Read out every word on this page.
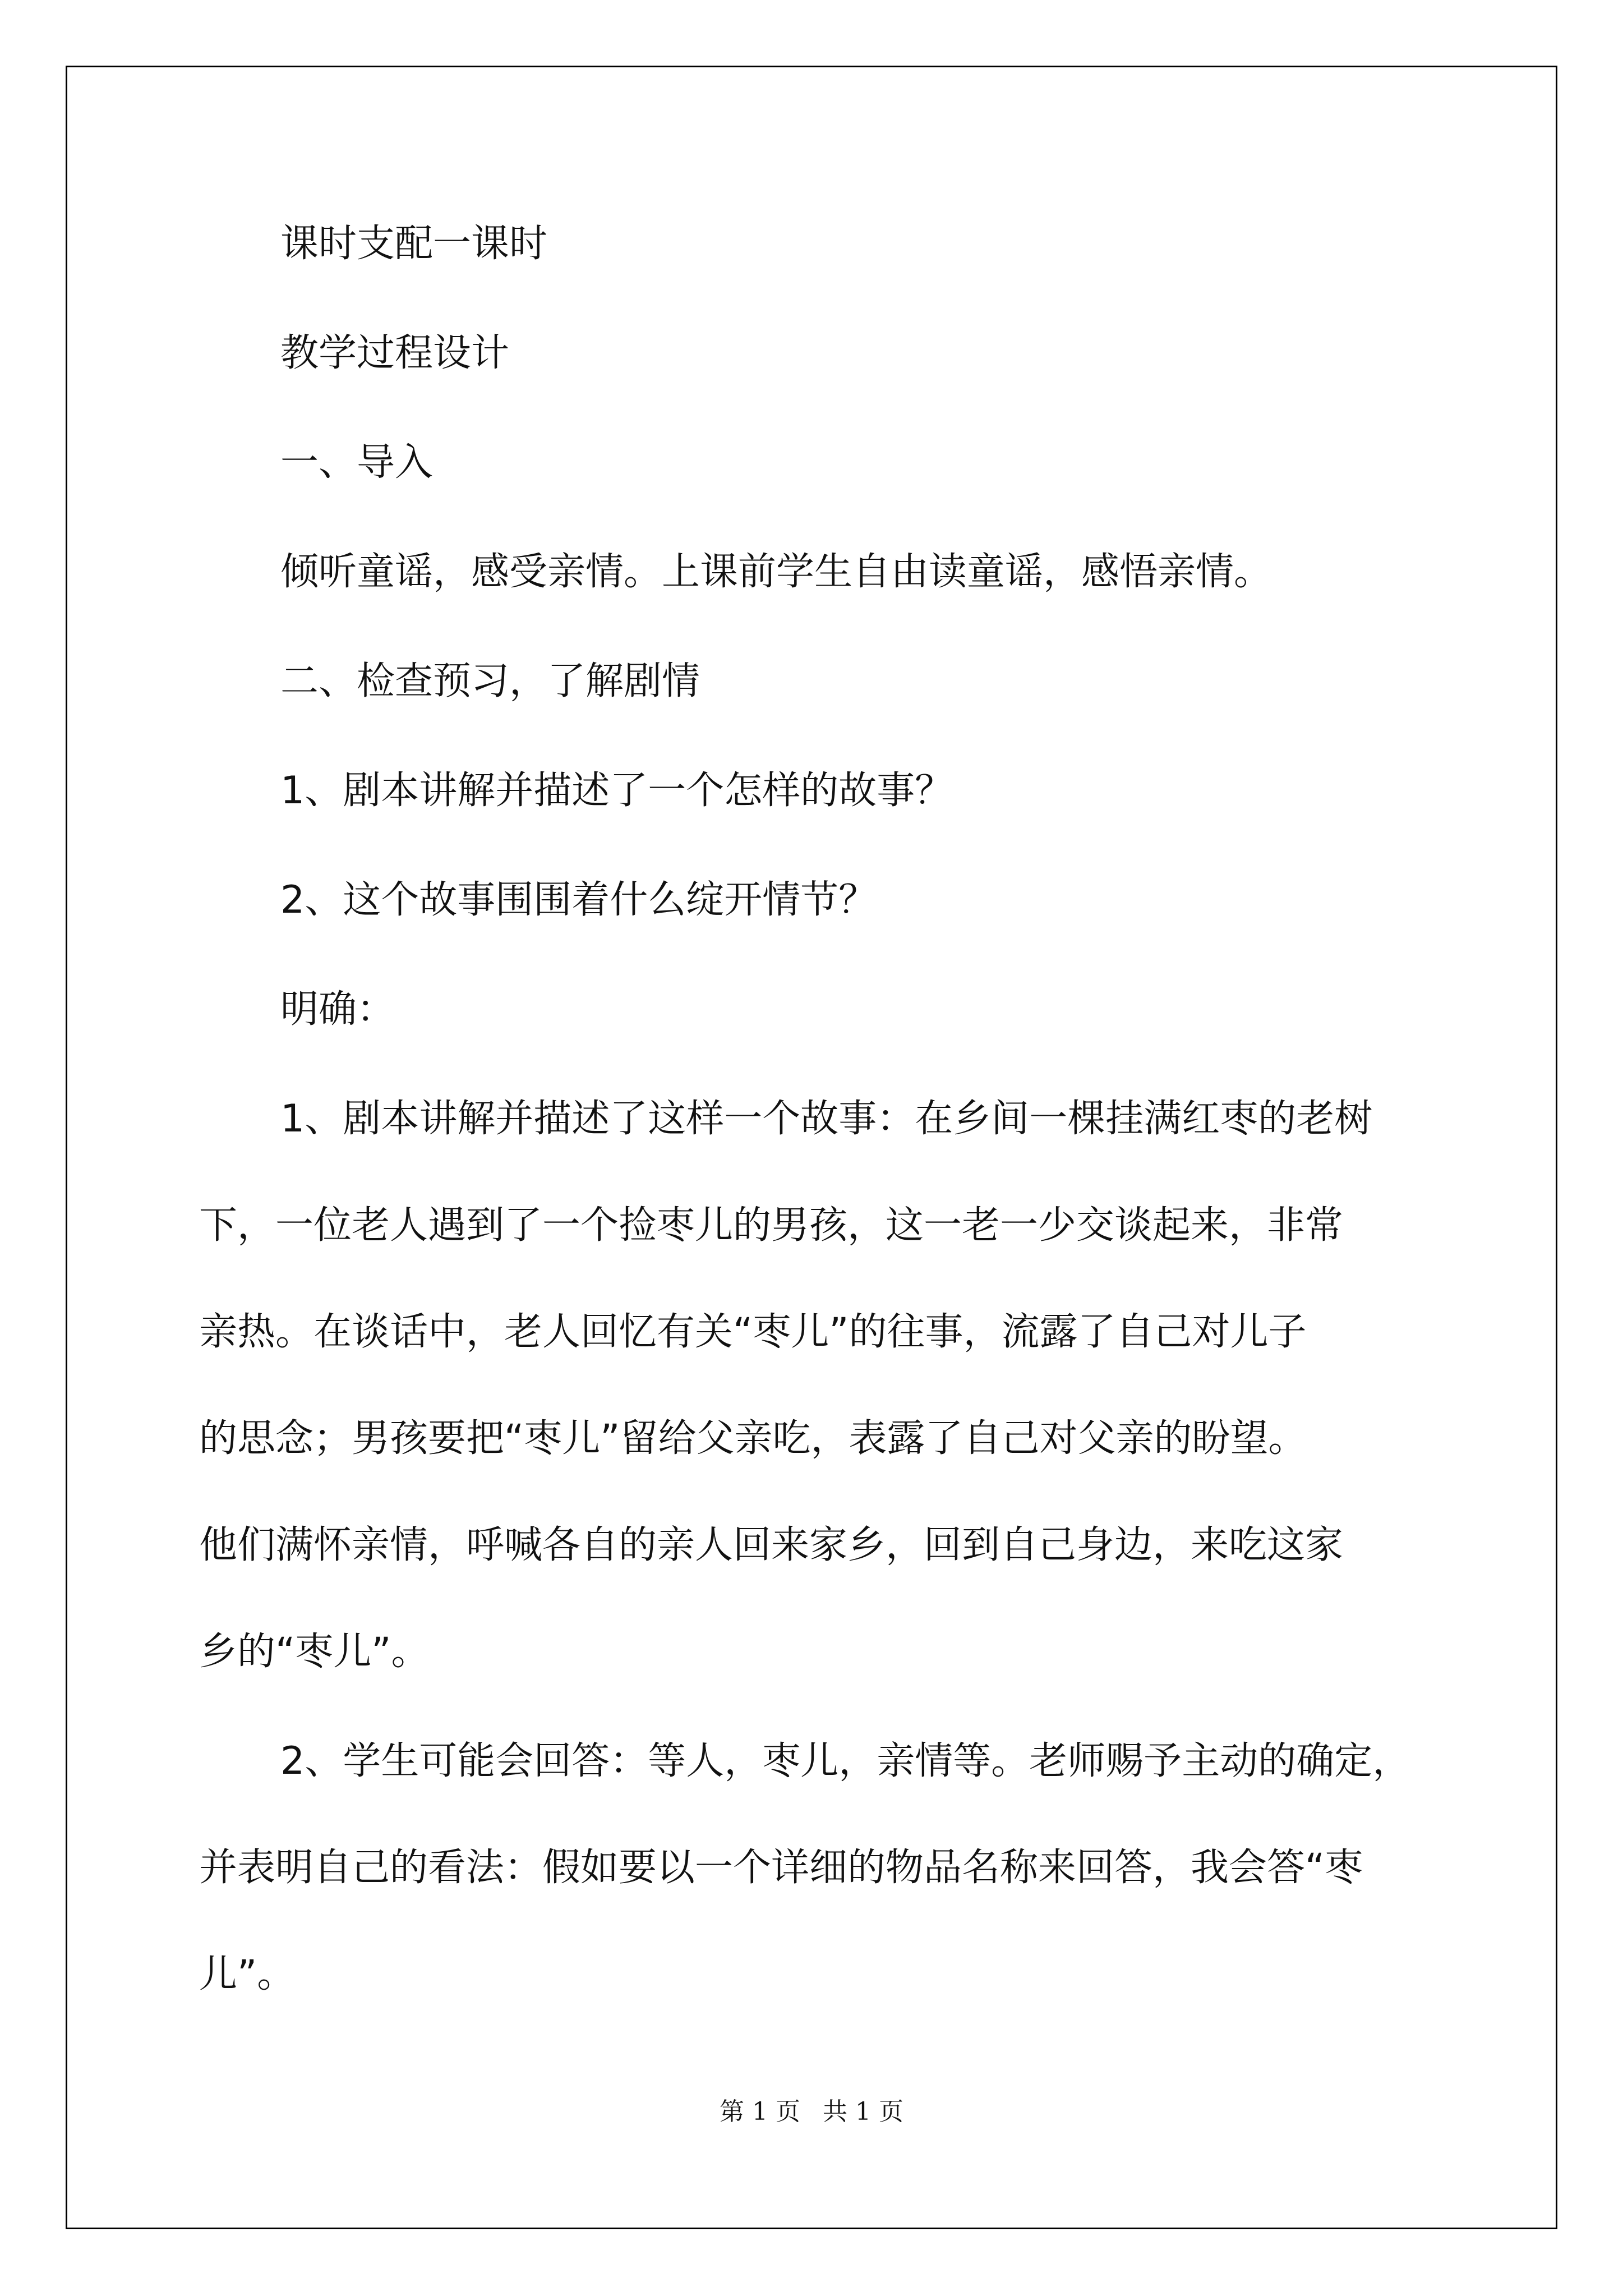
课时支配一课时
教学过程设计
一、导入
倾听童谣，感受亲情。上课前学生自由读童谣，感悟亲情。
二、检查预习，了解剧情
1、剧本讲解并描述了一个怎样的故事？
2、这个故事围围着什么绽开情节？
明确：
1、剧本讲解并描述了这样一个故事：在乡间一棵挂满红枣的老树
下，一位老人遇到了一个捡枣儿的男孩，这一老一少交谈起来，非常
亲热。在谈话中，老人回忆有关“枣儿”的往事，流露了自己对儿子
的思念；男孩要把“枣儿”留给父亲吃，表露了自己对父亲的盼望。
他们满怀亲情，呼喊各自的亲人回来家乡，回到自己身边，来吃这家
乡的“枣儿”。
2、学生可能会回答：等人，枣儿，亲情等。老师赐予主动的确定，
并表明自己的看法：假如要以一个详细的物品名称来回答，我会答“枣
儿”。
第 1 页 共 1 页
